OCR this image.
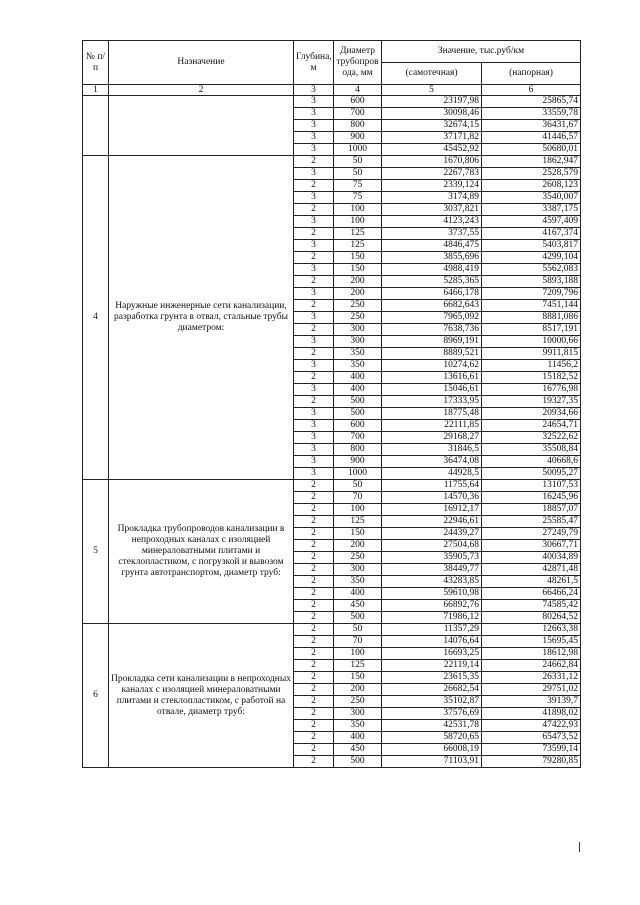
№ п/п	Назначение	Глубина, м	Диаметр трубопров ода, мм	Значение, тыс.руб/км	
				(самотечная)	(напорная)
1	2	3	4	5	6
		3	600	23197,98	25865,74
		3	700	30098,46	33559,78
		3	800	32674,15	36431,67
		3	900	37171,82	41446,57
		3	1000	45452,92	50680,01
4	Наружные инженерные сети канализации, разработка грунта в отвал, стальные трубы диаметром:	2	50	1670,806	1862,947
		3	50	2267,783	2528,579
		2	75	2339,124	2608,123
		3	75	3174,89	3540,007
		2	100	3037,821	3387,175
		3	100	4123,243	4597,409
		2	125	3737,55	4167,374
		3	125	4846,475	5403,817
		2	150	3855,696	4299,104
		3	150	4988,419	5562,083
		2	200	5285,365	5893,188
		3	200	6466,178	7209,796
		2	250	6682,643	7451,144
		3	250	7965,092	8881,086
		2	300	7638,736	8517,191
		3	300	8969,191	10000,66
		2	350	8889,521	9911,815
		3	350	10274,62	11456,2
		2	400	13616,61	15182,52
		3	400	15046,61	16776,98
		2	500	17333,95	19327,35
		3	500	18775,48	20934,66
		3	600	22111,85	24654,71
		3	700	29168,27	32522,62
		3	800	31846,5	35508,84
		3	900	36474,08	40668,6
		3	1000	44928,5	50095,27
5	Прокладка трубопроводов канализации в непроходных каналах с изоляцией минераловатными плитами и стеклопластиком, с погрузкой и вывозом грунта автотранспортом, диаметр труб:	2	50	11755,64	13107,53
		2	70	14570,36	16245,96
		2	100	16912,17	18857,07
		2	125	22946,61	25585,47
		2	150	24439,27	27249,79
		2	200	27504,68	30667,71
		2	250	35905,73	40034,89
		2	300	38449,77	42871,48
		2	350	43283,85	48261,5
		2	400	59610,98	66466,24
		2	450	66892,76	74585,42
		2	500	71986,12	80264,52
6	Прокладка сети канализации в непроходных каналах с изоляцией минераловатными плитами и стеклопластиком, с работой на отвале, диаметр труб:	2	50	11357,29	12663,38
		2	70	14076,64	15695,45
		2	100	16693,25	18612,98
		2	125	22119,14	24662,84
		2	150	23615,35	26331,12
		2	200	26682,54	29751,02
		2	250	35102,87	39139,7
		2	300	37576,69	41898,02
		2	350	42531,78	47422,93
		2	400	58720,65	65473,52
		2	450	66008,19	73599,14
		2	500	71103,91	79280,85
